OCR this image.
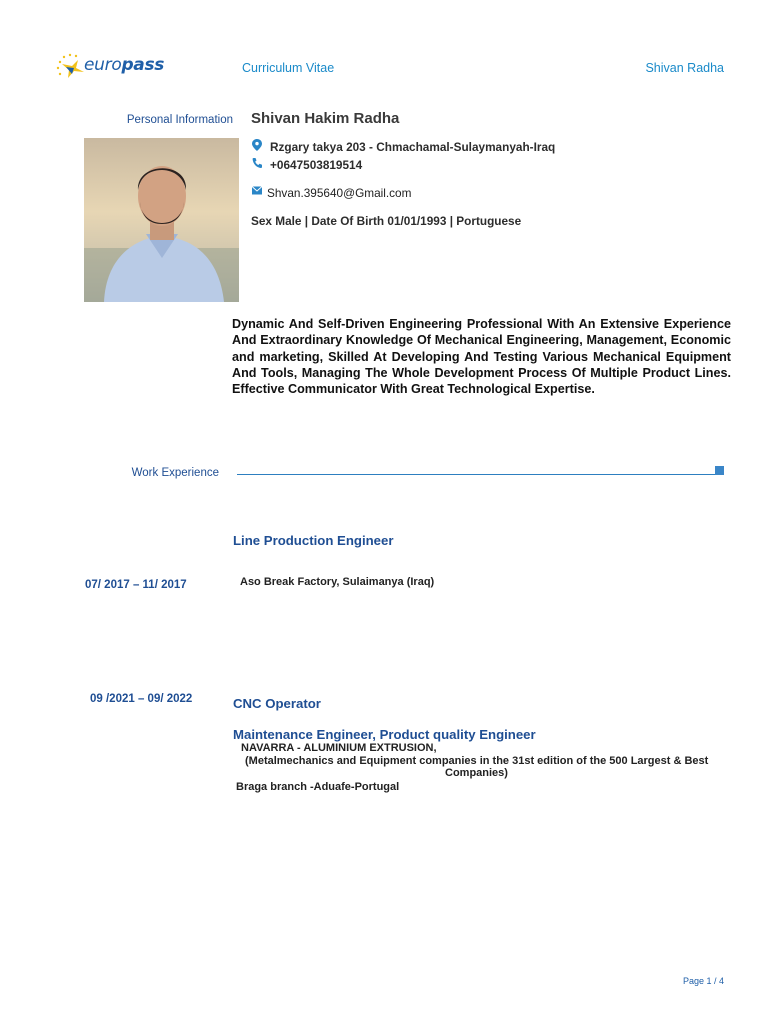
europass	Curriculum Vitae	Shivan Radha
Personal Information Shivan Hakim Radha
Rzgary takya 203 - Chmachamal-Sulaymanyah-Iraq
+0647503819514
Shvan.395640@Gmail.com
Sex Male | Date Of Birth 01/01/1993 | Portuguese
Dynamic And Self-Driven Engineering Professional With An Extensive Experience And Extraordinary Knowledge Of Mechanical Engineering, Management, Economic and marketing, Skilled At Developing And Testing Various Mechanical Equipment And Tools, Managing The Whole Development Process Of Multiple Product Lines. Effective Communicator With Great Technological Expertise.
Work Experience
Line Production Engineer
07/ 2017 – 11/ 2017	Aso Break Factory, Sulaimanya (Iraq)
09 /2021 – 09/ 2022	CNC Operator
Maintenance Engineer, Product quality Engineer
NAVARRA - ALUMINIUM EXTRUSION,
(Metalmechanics and Equipment companies in the 31st edition of the 500 Largest & Best
Companies)
Braga branch -Aduafe-Portugal
Page 1 / 4
